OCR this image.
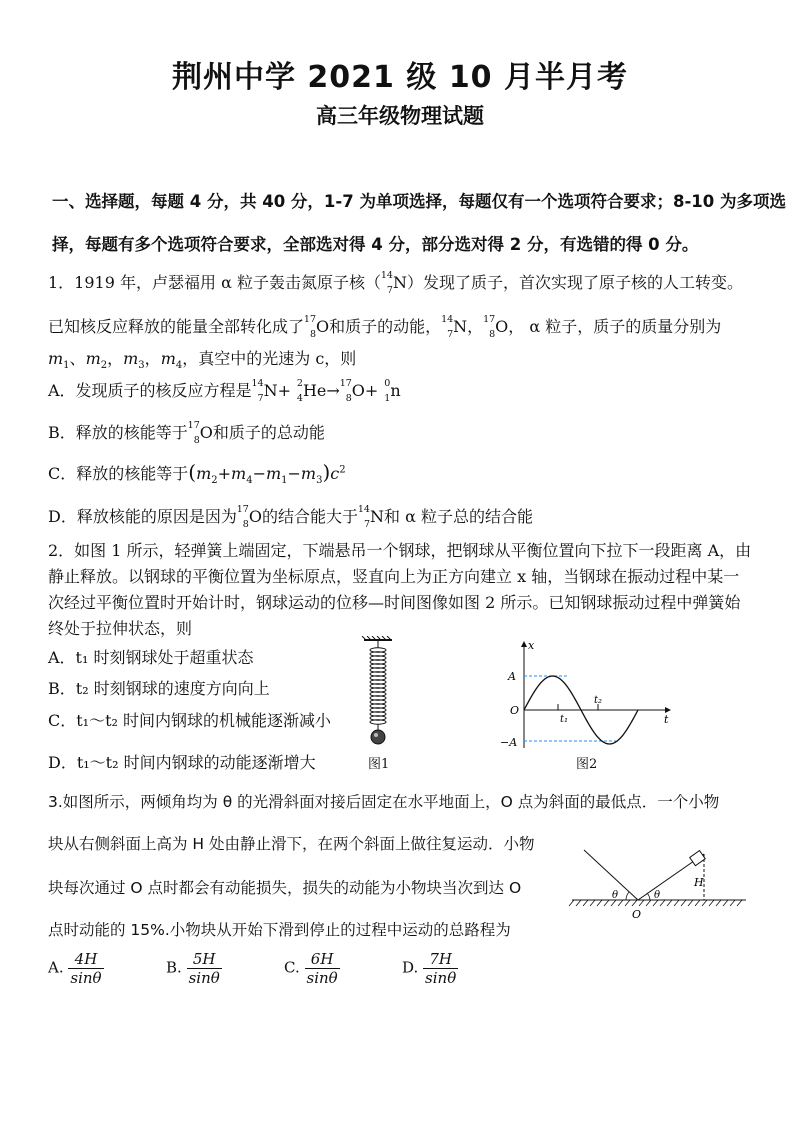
荆州中学 2021 级 10 月半月考
高三年级物理试题
一、选择题，每题 4 分，共 40 分，1-7 为单项选择，每题仅有一个选项符合要求；8-10 为多项选
择，每题有多个选项符合要求，全部选对得 4 分，部分选对得 2 分，有选错的得 0 分。
1．1919 年，卢瑟福用 α 粒子轰击氮原子核（ 14
7 N）发现了质子，首次实现了原子核的人工转变。
已知核反应释放的能量全部转化成了 17
8 O和质子的动能， 14
7 N， 17
8 O， α 粒子，质子的质量分别为
$m_1$、$m_2$，$m_3$，$m_4$，真空中的光速为 c，则
A．发现质子的核反应方程是 14
7 N+ 2
4 He→ 17
8 O+ 0
1 n
B．释放的核能等于 17
8 O和质子的总动能
C．释放的核能等于$(m_2+m_4-m_1-m_3)c^2$
D．释放核能的原因是因为 17
8 O的结合能大于 14
7 N和 α 粒子总的结合能
2．如图 1 所示，轻弹簧上端固定，下端悬吊一个钢球，把钢球从平衡位置向下拉下一段距离 A，由
静止释放。以钢球的平衡位置为坐标原点，竖直向上为正方向建立 x 轴，当钢球在振动过程中某一
次经过平衡位置时开始计时，钢球运动的位移—时间图像如图 2 所示。已知钢球振动过程中弹簧始
终处于拉伸状态，则
A．t₁ 时刻钢球处于超重状态
B．t₂ 时刻钢球的速度方向向上
C．t₁～t₂ 时间内钢球的机械能逐渐减小
D．t₁～t₂ 时间内钢球的动能逐渐增大	图1
x
t
A
−A
O
t₁
t₂
图2
3.如图所示，两倾角均为 θ 的光滑斜面对接后固定在水平地面上，O 点为斜面的最低点．一个小物
块从右侧斜面上高为 H 处由静止滑下，在两个斜面上做往复运动．小物
块每次通过 O 点时都会有动能损失，损失的动能为小物块当次到达 O
点时动能的 15%.小物块从开始下滑到停止的过程中运动的总路程为
θ	θ
H
O
A. $\frac{4H}{\sin\theta}$	B. $\frac{5H}{\sin\theta}$	C. $\frac{6H}{\sin\theta}$	D. $\frac{7H}{\sin\theta}$
